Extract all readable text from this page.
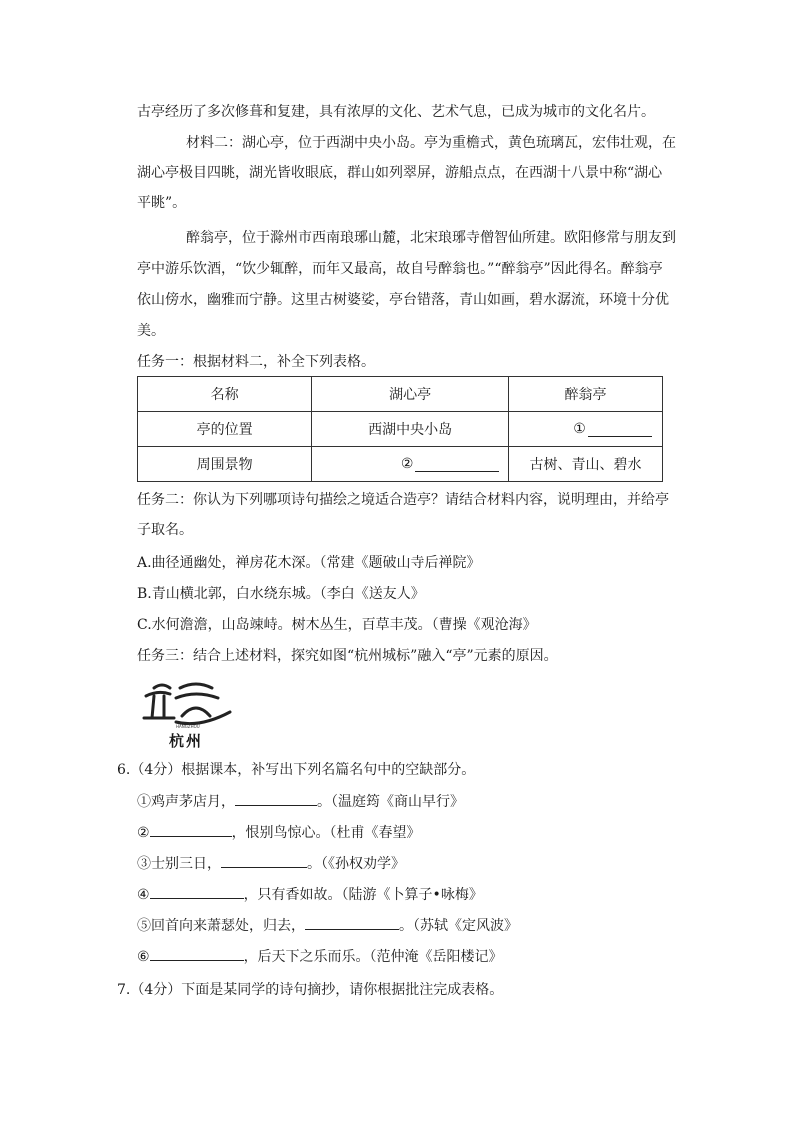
古亭经历了多次修葺和复建，具有浓厚的文化、艺术气息，已成为城市的文化名片。
材料二：湖心亭，位于西湖中央小岛。亭为重檐式，黄色琉璃瓦，宏伟壮观，在
湖心亭极目四眺，湖光皆收眼底，群山如列翠屏，游船点点，在西湖十八景中称“湖心
平眺”。
醉翁亭，位于滁州市西南琅琊山麓，北宋琅琊寺僧智仙所建。欧阳修常与朋友到
亭中游乐饮酒，“饮少辄醉，而年又最高，故自号醉翁也。”“醉翁亭”因此得名。醉翁亭
依山傍水，幽雅而宁静。这里古树婆娑，亭台错落，青山如画，碧水潺流，环境十分优
美。
任务一：根据材料二，补全下列表格。
名称	湖心亭	醉翁亭
亭的位置	西湖中央小岛	①

周围景物	②	古树、青山、碧水
任务二：你认为下列哪项诗句描绘之境适合造亭？请结合材料内容，说明理由，并给亭
子取名。
A.曲径通幽处，禅房花木深。（常建《题破山寺后禅院》
B.青山横北郭，白水绕东城。（李白《送友人》
C.水何澹澹，山岛竦峙。树木丛生，百草丰茂。（曹操《观沧海》
任务三：结合上述材料，探究如图“杭州城标”融入“亭”元素的原因。
HANGZHOU
杭州
6.（4分）根据课本，补写出下列名篇名句中的空缺部分。
①鸡声茅店月，	。（温庭筠《商山早行》
②	，恨别鸟惊心。（杜甫《春望》
③士别三日，	。（《孙权劝学》
④	，只有香如故。（陆游《卜算子•咏梅》
⑤回首向来萧瑟处，归去，	。（苏轼《定风波》
⑥	，后天下之乐而乐。（范仲淹《岳阳楼记》
7.（4分）下面是某同学的诗句摘抄，请你根据批注完成表格。
